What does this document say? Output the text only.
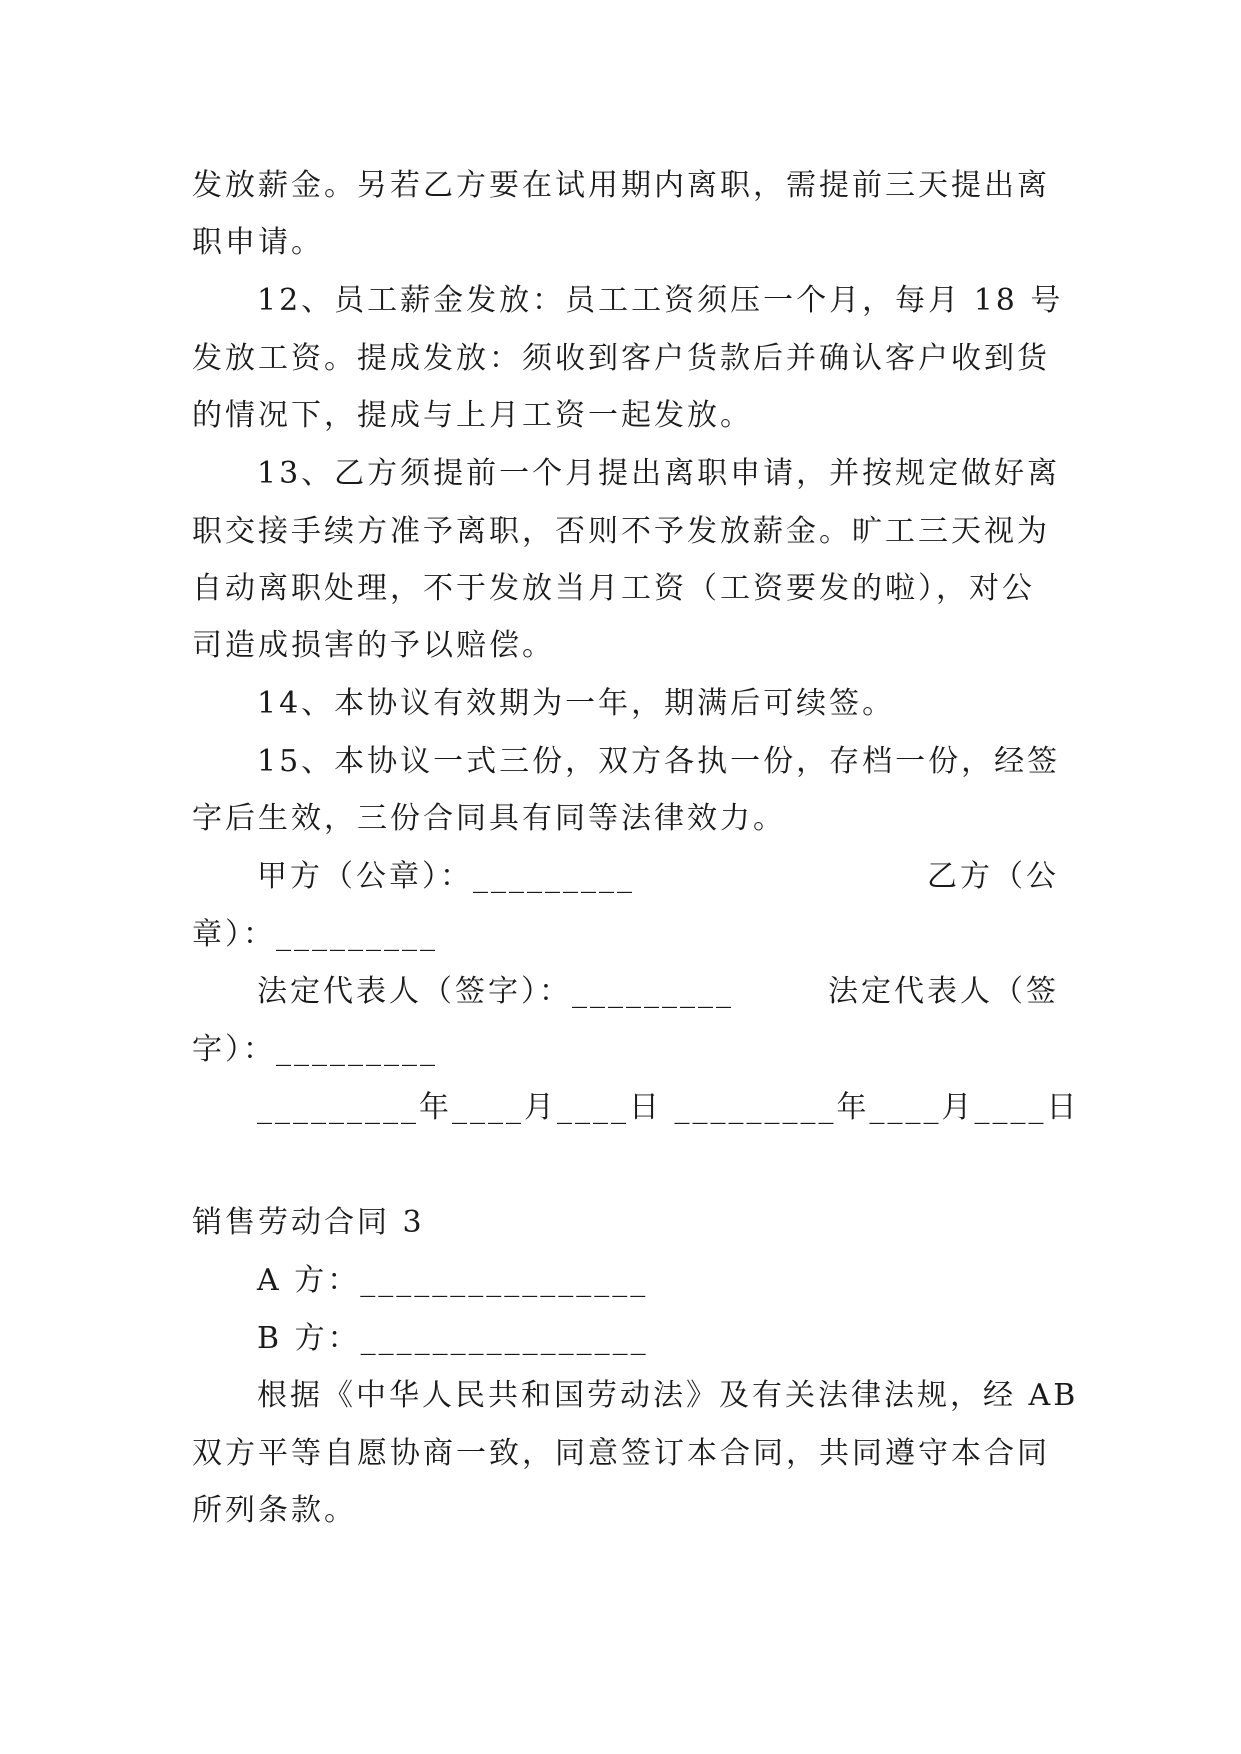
发放薪金。另若乙方要在试用期内离职，需提前三天提出离
职申请。
12、员工薪金发放：员工工资须压一个月，每月 18 号
发放工资。提成发放：须收到客户货款后并确认客户收到货
的情况下，提成与上月工资一起发放。
13、乙方须提前一个月提出离职申请，并按规定做好离
职交接手续方准予离职，否则不予发放薪金。旷工三天视为
自动离职处理，不于发放当月工资（工资要发的啦），对公
司造成损害的予以赔偿。
14、本协议有效期为一年，期满后可续签。
15、本协议一式三份，双方各执一份，存档一份，经签
字后生效，三份合同具有同等法律效力。
甲方（公章）：_________	乙方（公
章）：_________
法定代表人（签字）：_________	法定代表人（签
字）：_________
_________年____月____日 _________年____月____日
销售劳动合同 3
A 方：________________
B 方：________________
根据《中华人民共和国劳动法》及有关法律法规，经 AB
双方平等自愿协商一致，同意签订本合同，共同遵守本合同
所列条款。
